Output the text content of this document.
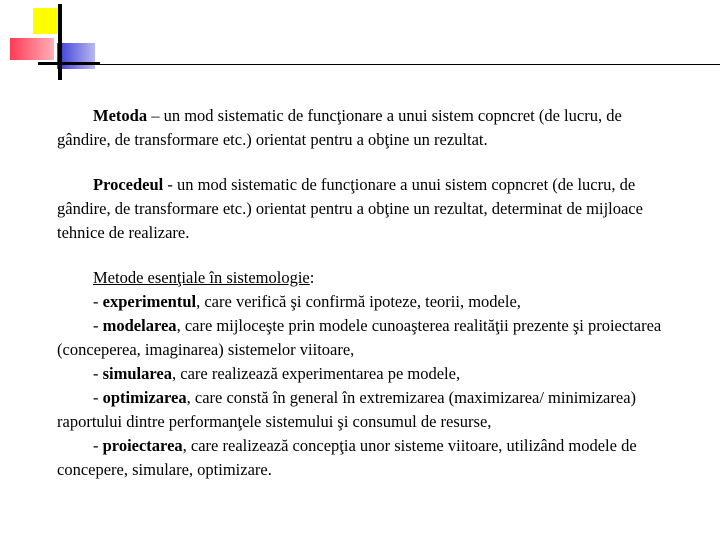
Metoda – un mod sistematic de funcţionare a unui sistem copncret (de lucru, de gândire, de transformare etc.) orientat pentru a obţine un rezultat.

Procedeul - un mod sistematic de funcţionare a unui sistem copncret (de lucru, de gândire, de transformare etc.) orientat pentru a obţine un rezultat, determinat de mijloace tehnice de realizare.

Metode esenţiale în sistemologie:

- experimentul, care verifică şi confirmă ipoteze, teorii, modele,

- modelarea, care mijloceşte prin modele cunoaşterea realităţii prezente şi proiectarea (conceperea, imaginarea) sistemelor viitoare,

- simularea, care realizează experimentarea pe modele,

- optimizarea, care constă în general în extremizarea (maximizarea/ minimizarea) raportului dintre performanţele sistemului şi consumul de resurse,

- proiectarea, care realizează concepţia unor sisteme viitoare, utilizând modele de concepere, simulare, optimizare.
